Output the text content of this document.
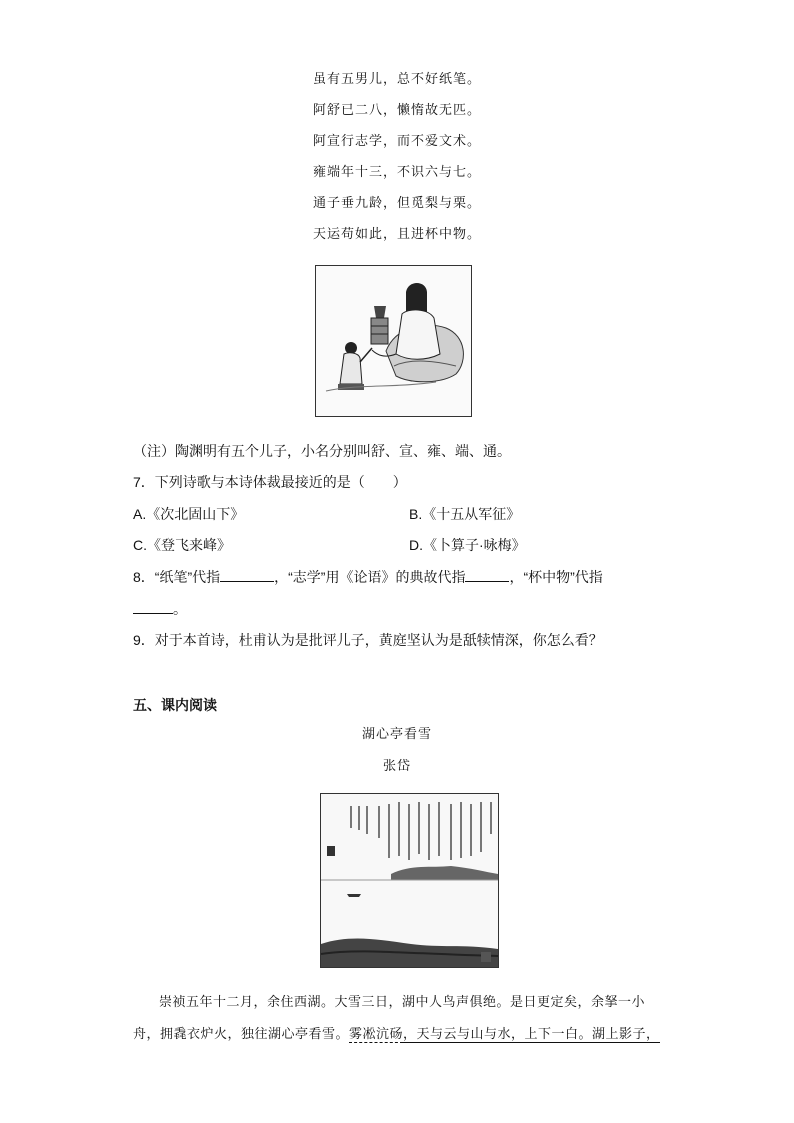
虽有五男儿，总不好纸笔。
阿舒已二八，懒惰故无匹。
阿宣行志学，而不爱文术。
雍端年十三，不识六与七。
通子垂九龄，但觅梨与栗。
天运苟如此，且进杯中物。
（注）陶渊明有五个儿子，小名分别叫舒、宣、雍、端、通。
7．下列诗歌与本诗体裁最接近的是（　　）
A.《次北固山下》	B.《十五从军征》
C.《登飞来峰》	D.《卜算子·咏梅》
8．“纸笔”代指	，“志学”用《论语》的典故代指	，“杯中物”代指
。
9．对于本首诗，杜甫认为是批评儿子，黄庭坚认为是舐犊情深，你怎么看？
五、课内阅读
湖心亭看雪
张岱
崇祯五年十二月，余住西湖。大雪三日，湖中人鸟声俱绝。是日更定矣，余拏一小
舟，拥毳衣炉火，独往湖心亭看雪。雾凇沆砀，天与云与山与水，上下一白。湖上影子，
